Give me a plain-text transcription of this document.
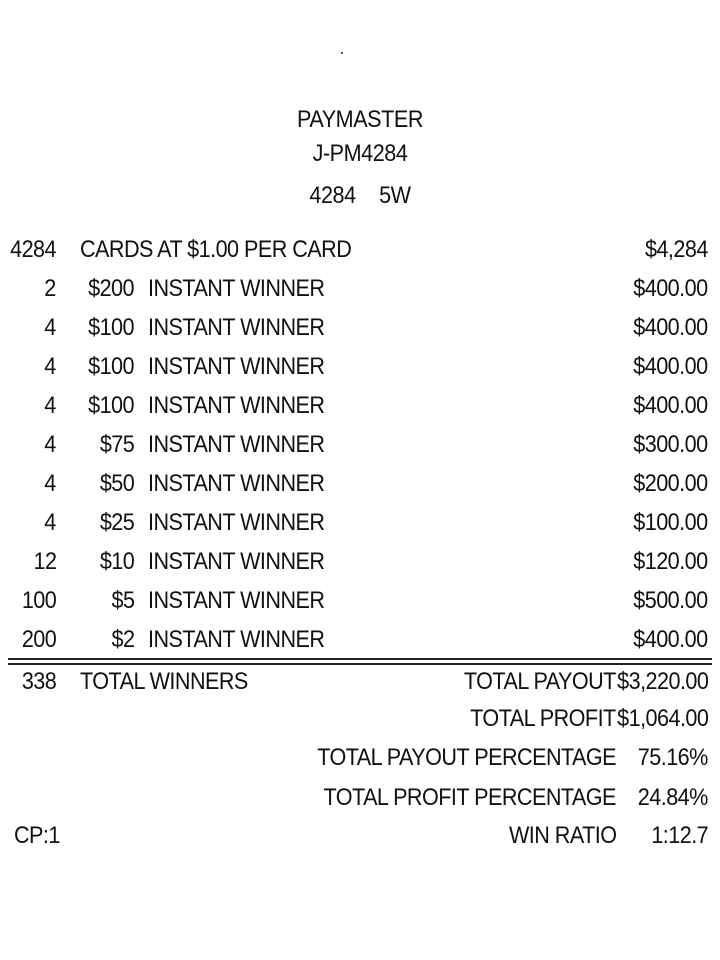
PAYMASTER
J-PM4284
4284 5W
4284 CARDS AT $1.00 PER CARD	$4,284
2 $200 INSTANT WINNER	$400.00
4 $100 INSTANT WINNER	$400.00
4 $100 INSTANT WINNER	$400.00
4 $100 INSTANT WINNER	$400.00
4 $75 INSTANT WINNER	$300.00
4 $50 INSTANT WINNER	$200.00
4 $25 INSTANT WINNER	$100.00
12 $10 INSTANT WINNER	$120.00
100 $5 INSTANT WINNER	$500.00
200 $2 INSTANT WINNER	$400.00
338 TOTAL WINNERS	TOTAL PAYOUT $3,220.00
TOTAL PROFIT $1,064.00
TOTAL PAYOUT PERCENTAGE 75.16%
TOTAL PROFIT PERCENTAGE 24.84%
CP:1	WIN RATIO 1:12.7
